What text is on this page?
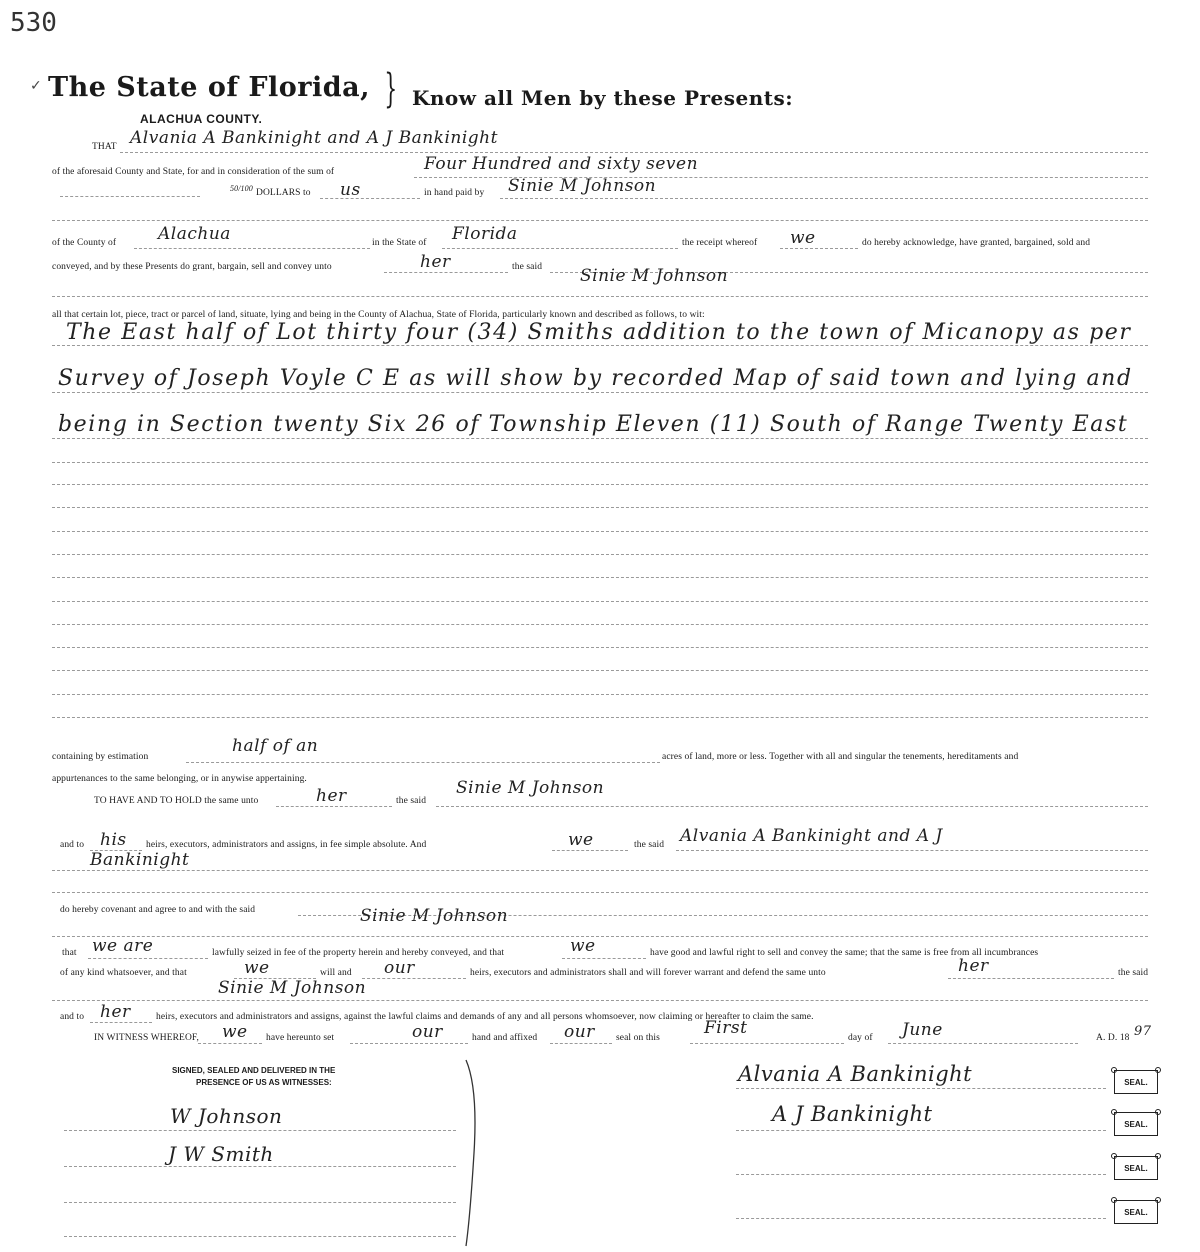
530
✓ The State of Florida, } Know all Men by these Presents:
ALACHUA COUNTY.
THAT Alvania A Bankinight and A J Bankinight
of the aforesaid County and State, for and in consideration of the sum of	Four Hundred and sixty seven
50/100 DOLLARS to us	in hand paid by Sinie M Johnson
of the County of Alachua	in the State of Florida	the receipt whereof we	do hereby acknowledge, have granted, bargained, sold and
conveyed, and by these Presents do grant, bargain, sell and convey unto	her	the said Sinie M Johnson
all that certain lot, piece, tract or parcel of land, situate, lying and being in the County of Alachua, State of Florida, particularly known and described as follows, to wit:
The East half of Lot thirty four (34) Smiths addition to the town of Micanopy as per
Survey of Joseph Voyle C E as will show by recorded Map of said town and lying and
being in Section twenty Six 26 of Township Eleven (11) South of Range Twenty East
containing by estimation
half of an
acres of land, more or less. Together with all and singular the tenements, hereditaments and
appurtenances to the same belonging, or in anywise appertaining.
TO HAVE AND TO HOLD the same unto	her	the said
Sinie M Johnson
and to his heirs, executors, administrators and assigns, in fee simple absolute. And	we	the said Alvania A Bankinight and A J
Bankinight
do hereby covenant and agree to and with the said	Sinie M Johnson
that we are	lawfully seized in fee of the property herein and hereby conveyed, and that	we	have good and lawful right to sell and convey the same; that the same is free from all incumbrances
of any kind whatsoever, and that	we	will and our	heirs, executors and administrators shall and will forever warrant and defend the same unto	her	the said
Sinie M Johnson
and to her	heirs, executors and administrators and assigns, against the lawful claims and demands of any and all persons whomsoever, now claiming or hereafter to claim the same.
IN WITNESS WHEREOF, we have hereunto set	our	hand and affixed our seal on this	First	day of June	A. D. 18 97
SIGNED, SEALED AND DELIVERED IN THE
PRESENCE OF US AS WITNESSES:
W Johnson
J W Smith
Alvania A Bankinight	SEAL.
A J Bankinight	SEAL.
SEAL.
SEAL.
